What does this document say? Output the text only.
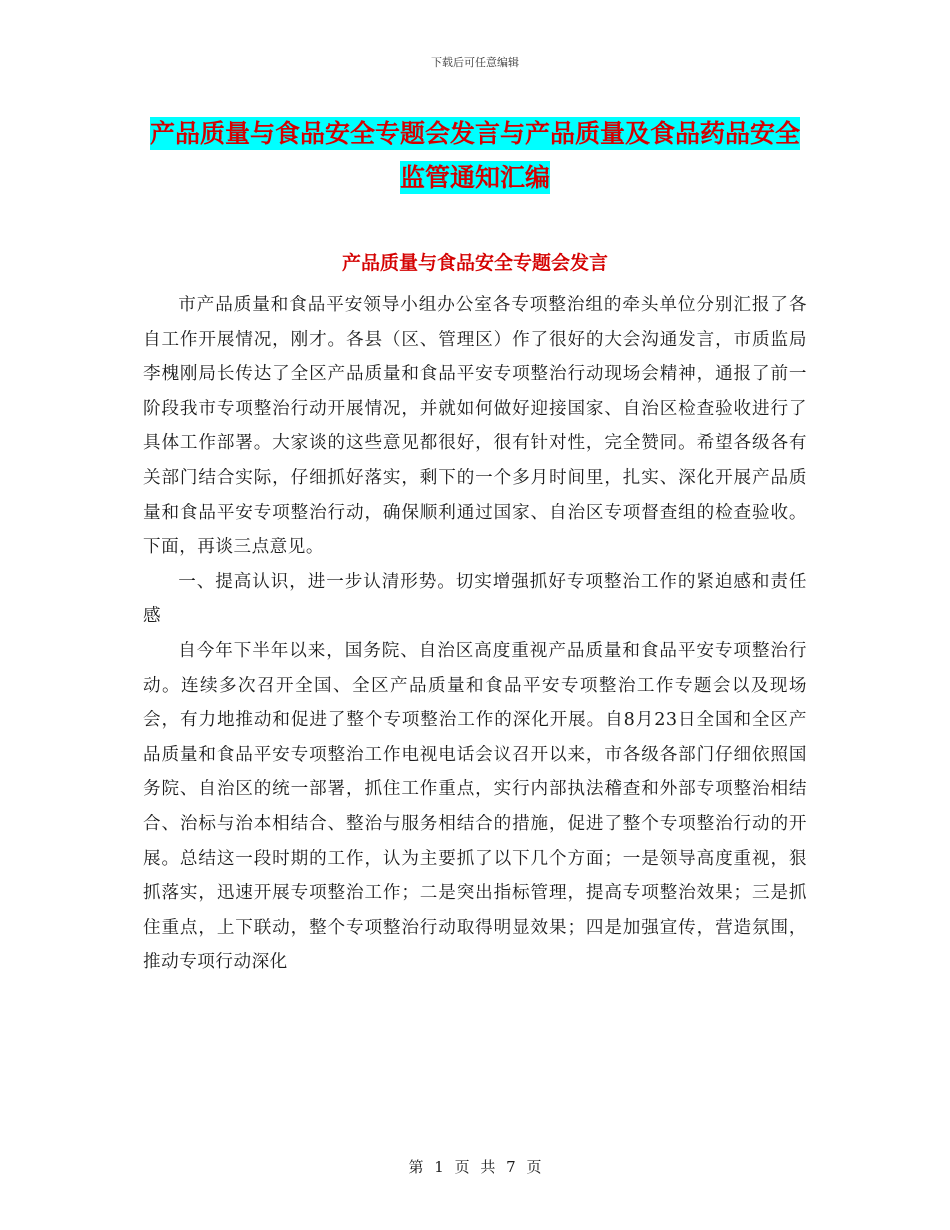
下载后可任意编辑
产品质量与食品安全专题会发言与产品质量及食品药品安全监管通知汇编
产品质量与食品安全专题会发言

市产品质量和食品平安领导小组办公室各专项整治组的牵头单位分别汇报了各自工作开展情况，刚才。各县（区、管理区）作了很好的大会沟通发言，市质监局李槐刚局长传达了全区产品质量和食品平安专项整治行动现场会精神，通报了前一阶段我市专项整治行动开展情况，并就如何做好迎接国家、自治区检查验收进行了具体工作部署。大家谈的这些意见都很好，很有针对性，完全赞同。希望各级各有关部门结合实际，仔细抓好落实，剩下的一个多月时间里，扎实、深化开展产品质量和食品平安专项整治行动，确保顺利通过国家、自治区专项督查组的检查验收。下面，再谈三点意见。

一、提高认识，进一步认清形势。切实增强抓好专项整治工作的紧迫感和责任感

自今年下半年以来，国务院、自治区高度重视产品质量和食品平安专项整治行动。连续多次召开全国、全区产品质量和食品平安专项整治工作专题会以及现场会，有力地推动和促进了整个专项整治工作的深化开展。自8月23日全国和全区产品质量和食品平安专项整治工作电视电话会议召开以来，市各级各部门仔细依照国务院、自治区的统一部署，抓住工作重点，实行内部执法稽查和外部专项整治相结合、治标与治本相结合、整治与服务相结合的措施，促进了整个专项整治行动的开展。总结这一段时期的工作，认为主要抓了以下几个方面；一是领导高度重视，狠抓落实，迅速开展专项整治工作；二是突出指标管理，提高专项整治效果；三是抓住重点，上下联动，整个专项整治行动取得明显效果；四是加强宣传，营造氛围，推动专项行动深化

第 1 页 共 7 页
